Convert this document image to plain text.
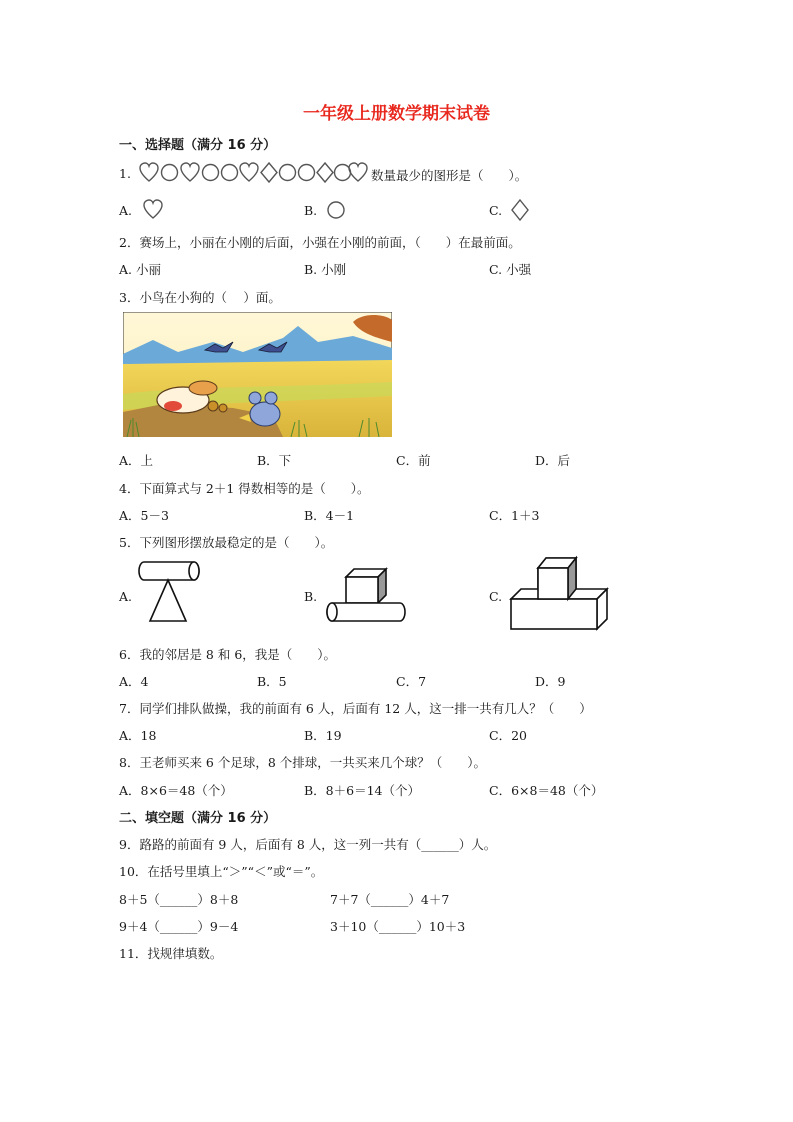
一年级上册数学期末试卷
一、选择题（满分 16 分）
1.	数量最少的图形是（　　）。
A.	B.	C.
2．赛场上，小丽在小刚的后面，小强在小刚的前面，（　　）在最前面。
A. 小丽	B. 小刚	C. 小强
3．小鸟在小狗的（　 ）面。
A．上	B．下	C．前	D．后
4．下面算式与 2＋1 得数相等的是（　　）。
A．5－3	B．4－1	C．1＋3
5．下列图形摆放最稳定的是（　　）。
A.	B.	C.
6．我的邻居是 8 和 6，我是（　　）。
A．4	B．5	C．7	D．9
7．同学们排队做操，我的前面有 6 人，后面有 12 人，这一排一共有几人？（　　）
A．18	B．19	C．20
8．王老师买来 6 个足球，8 个排球，一共买来几个球？（　　）。
A．8×6＝48（个）	B．8＋6＝14（个）	C．6×8＝48（个）
二、填空题（满分 16 分）
9．路路的前面有 9 人，后面有 8 人，这一列一共有（______）人。
10．在括号里填上“＞”“＜”或“＝”。
8＋5（______）8＋8	7＋7（______）4＋7
9＋4（______）9－4	3＋10（______）10＋3
11．找规律填数。
